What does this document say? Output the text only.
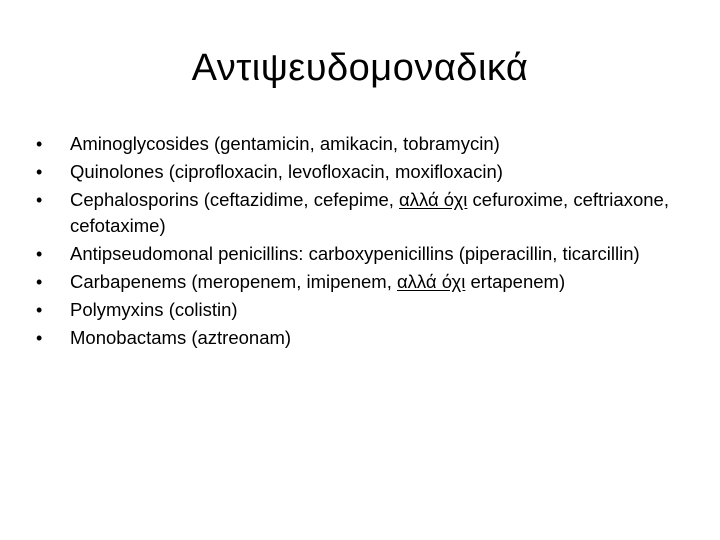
Αντιψευδομοναδικά
•	Aminoglycosides (gentamicin, amikacin, tobramycin)
•	Quinolones (ciprofloxacin, levofloxacin, moxifloxacin)
•	Cephalosporins (ceftazidime, cefepime, αλλά όχι cefuroxime, ceftriaxone, cefotaxime)
•	Antipseudomonal penicillins: carboxypenicillins (piperacillin, ticarcillin)
•	Carbapenems (meropenem, imipenem, αλλά όχι ertapenem)
•	Polymyxins (colistin)
•	Monobactams (aztreonam)
